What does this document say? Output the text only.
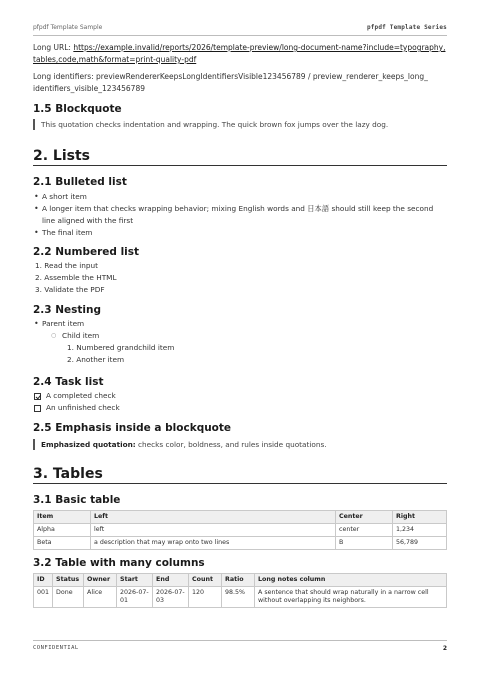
pfpdf Template Sample	pfpdf Template Series

Long URL: https://example.invalid/reports/2026/template-preview/long-document-name?include=typography, tables,code,math&format=print-quality-pdf

Long identifiers: previewRendererKeepsLongIdentifiersVisible123456789 / preview_renderer_keeps_long_ identifiers_visible_123456789

1.5 Blockquote
This quotation checks indentation and wrapping. The quick brown fox jumps over the lazy dog.
2. Lists
2.1 Bulleted list
• A short item
• A longer item that checks wrapping behavior; mixing English words and 日本語 should still keep the second line aligned with the first
• The final item
2.2 Numbered list
1. Read the input
2. Assemble the HTML
3. Validate the PDF
2.3 Nesting
• Parent item
○ Child item
1. Numbered grandchild item
2. Another item
2.4 Task list
A completed check
An unfinished check
2.5 Emphasis inside a blockquote
Emphasized quotation: checks color, boldness, and rules inside quotations.
3. Tables
3.1 Basic table
Item	Left	Center	Right
Alpha	left	center	1,234
Beta	a description that may wrap onto two lines	B	56,789
3.2 Table with many columns
ID	Status	Owner	Start	End	Count	Ratio	Long notes column
001	Done	Alice	2026-07-01	2026-07-03	120	98.5%	A sentence that should wrap naturally in a narrow cell without overlapping its neighbors.
CONFIDENTIAL	2
